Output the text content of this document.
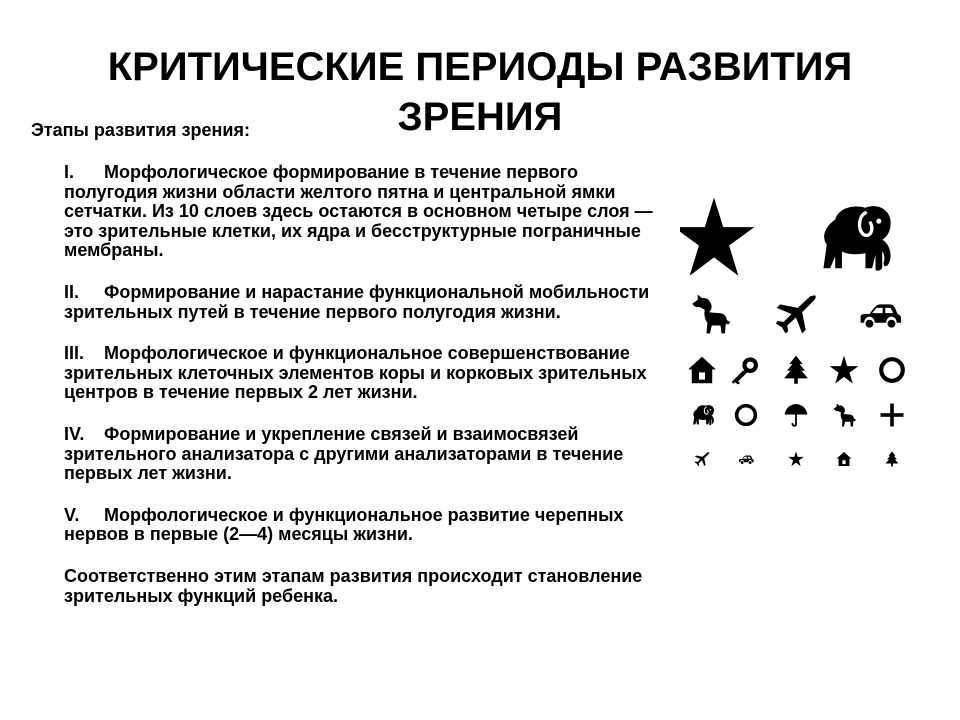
КРИТИЧЕСКИЕ ПЕРИОДЫ РАЗВИТИЯ ЗРЕНИЯ

Этапы развития зрения:

I. Морфологическое формирование в течение первого полугодия жизни области желтого пятна и центральной ямки сетчатки. Из 10 слоев здесь остаются в основном четыре слоя — это зрительные клетки, их ядра и бесструктурные пограничные мембраны.

II. Формирование и нарастание функциональной мобильности зрительных путей в течение первого полугодия жизни.

III. Морфологическое и функциональное совершенствование зрительных клеточных элементов коры и корковых зрительных центров в течение первых 2 лет жизни.

IV. Формирование и укрепление связей и взаимосвязей зрительного анализатора с другими анализаторами в течение первых лет жизни.

V. Морфологическое и функциональное развитие черепных нервов в первые (2—4) месяцы жизни.

Соответственно этим этапам развития происходит становление зрительных функций ребенка.
